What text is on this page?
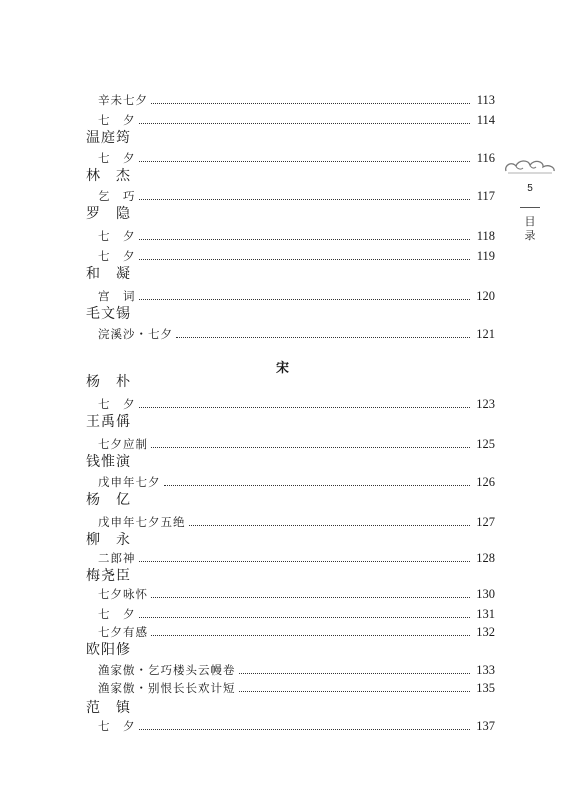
辛未七夕	113
七　夕	114
温庭筠
七　夕	116
林　杰
乞　巧	117
罗　隐
七　夕	118
七　夕	119
和　凝
宫　词	120
毛文锡
浣溪沙・七夕	121
宋
杨　朴
七　夕	123
王禹偁
七夕应制	125
钱惟演
戊申年七夕	126
杨　亿
戊申年七夕五绝	127
柳　永
二郎神	128
梅尧臣
七夕咏怀	130
七　夕	131
七夕有感	132
欧阳修
渔家傲・乞巧楼头云幔卷	133
渔家傲・别恨长长欢计短	135
范　镇
七　夕	137
5
目录
